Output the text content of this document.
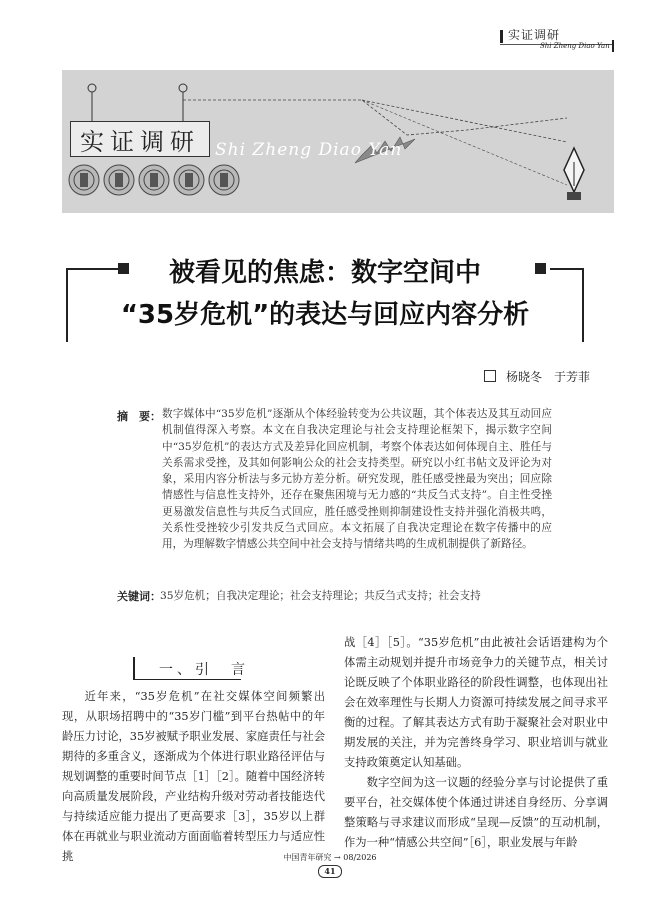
实证调研
Shi Zheng Diao Yan
实证调研 Shi Zheng Diao Yan
被看见的焦虑：数字空间中
“35岁危机”的表达与回应内容分析
杨晓冬　于芳菲
摘　要： 数字媒体中“35岁危机”逐渐从个体经验转变为公共议题，其个体表达及其互动回应机制值得深入考察。本文在自我决定理论与社会支持理论框架下，揭示数字空间中“35岁危机”的表达方式及差异化回应机制，考察个体表达如何体现自主、胜任与关系需求受挫，及其如何影响公众的社会支持类型。研究以小红书帖文及评论为对象，采用内容分析法与多元协方差分析。研究发现，胜任感受挫最为突出；回应除情感性与信息性支持外，还存在聚焦困境与无力感的“共反刍式支持”。自主性受挫更易激发信息性与共反刍式回应，胜任感受挫则抑制建设性支持并强化消极共鸣，关系性受挫较少引发共反刍式回应。本文拓展了自我决定理论在数字传播中的应用，为理解数字情感公共空间中社会支持与情绪共鸣的生成机制提供了新路径。
关键词： 35岁危机；自我决定理论；社会支持理论；共反刍式支持；社会支持
一、引　言

近年来，“35岁危机”在社交媒体空间频繁出现，从职场招聘中的“35岁门槛”到平台热帖中的年龄压力讨论，35岁被赋予职业发展、家庭责任与社会期待的多重含义，逐渐成为个体进行职业路径评估与规划调整的重要时间节点［1］［2］。随着中国经济转向高质量发展阶段，产业结构升级对劳动者技能迭代与持续适应能力提出了更高要求［3］，35岁以上群体在再就业与职业流动方面面临着转型压力与适应性挑

战［4］［5］。“35岁危机”由此被社会话语建构为个体需主动规划并提升市场竞争力的关键节点，相关讨论既反映了个体职业路径的阶段性调整，也体现出社会在效率理性与长期人力资源可持续发展之间寻求平衡的过程。了解其表达方式有助于凝聚社会对职业中期发展的关注，并为完善终身学习、职业培训与就业支持政策奠定认知基础。

数字空间为这一议题的经验分享与讨论提供了重要平台，社交媒体使个体通过讲述自身经历、分享调整策略与寻求建议而形成“呈现—反馈”的互动机制，作为一种“情感公共空间”［6］，职业发展与年龄

中国青年研究 → 08/2026
41
